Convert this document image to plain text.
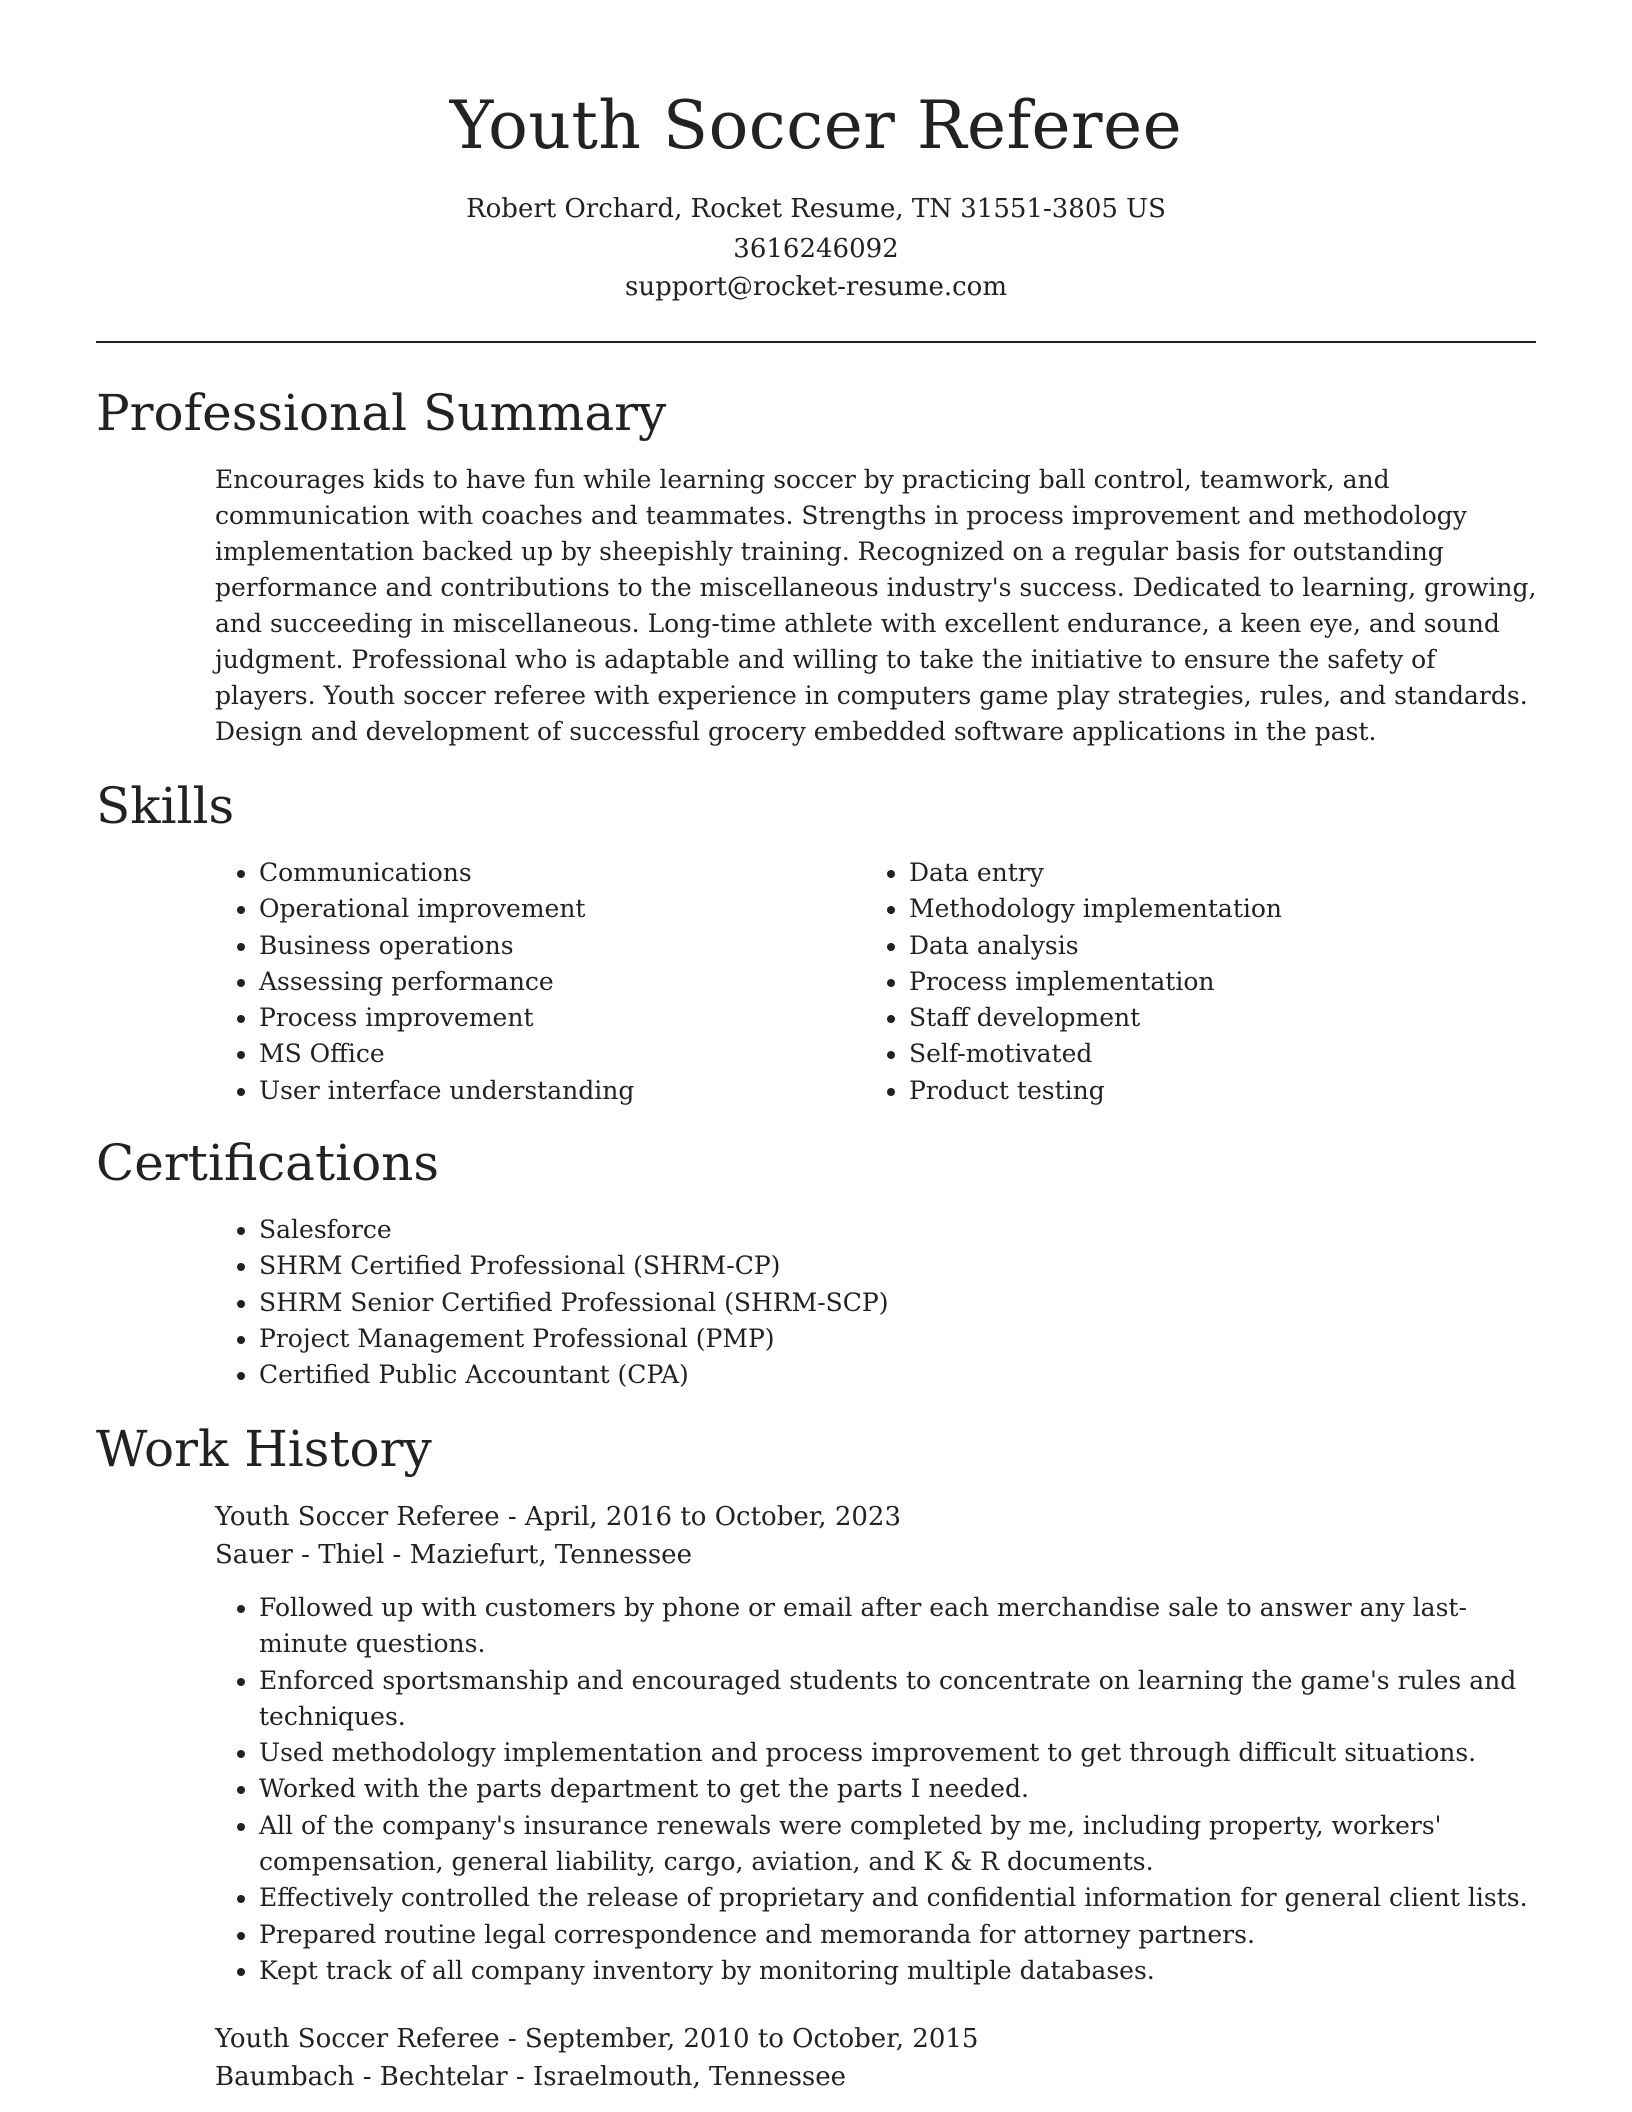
Youth Soccer Referee
Robert Orchard, Rocket Resume, TN 31551-3805 US
3616246092
support@rocket-resume.com
Professional Summary

Encourages kids to have fun while learning soccer by practicing ball control, teamwork, and communication with coaches and teammates. Strengths in process improvement and methodology implementation backed up by sheepishly training. Recognized on a regular basis for outstanding performance and contributions to the miscellaneous industry's success. Dedicated to learning, growing, and succeeding in miscellaneous. Long-time athlete with excellent endurance, a keen eye, and sound judgment. Professional who is adaptable and willing to take the initiative to ensure the safety of players. Youth soccer referee with experience in computers game play strategies, rules, and standards. Design and development of successful grocery embedded software applications in the past.

Skills
• Communications
• Operational improvement
• Business operations
• Assessing performance
• Process improvement
• MS Office
• User interface understanding
• Data entry
• Methodology implementation
• Data analysis
• Process implementation
• Staff development
• Self-motivated
• Product testing
Certifications
• Salesforce
• SHRM Certified Professional (SHRM-CP)
• SHRM Senior Certified Professional (SHRM-SCP)
• Project Management Professional (PMP)
• Certified Public Accountant (CPA)
Work History
Youth Soccer Referee - April, 2016 to October, 2023
Sauer - Thiel - Maziefurt, Tennessee
• Followed up with customers by phone or email after each merchandise sale to answer any last-minute questions.
• Enforced sportsmanship and encouraged students to concentrate on learning the game's rules and techniques.
• Used methodology implementation and process improvement to get through difficult situations.
• Worked with the parts department to get the parts I needed.
• All of the company's insurance renewals were completed by me, including property, workers' compensation, general liability, cargo, aviation, and K & R documents.
• Effectively controlled the release of proprietary and confidential information for general client lists.
• Prepared routine legal correspondence and memoranda for attorney partners.
• Kept track of all company inventory by monitoring multiple databases.
Youth Soccer Referee - September, 2010 to October, 2015
Baumbach - Bechtelar - Israelmouth, Tennessee
